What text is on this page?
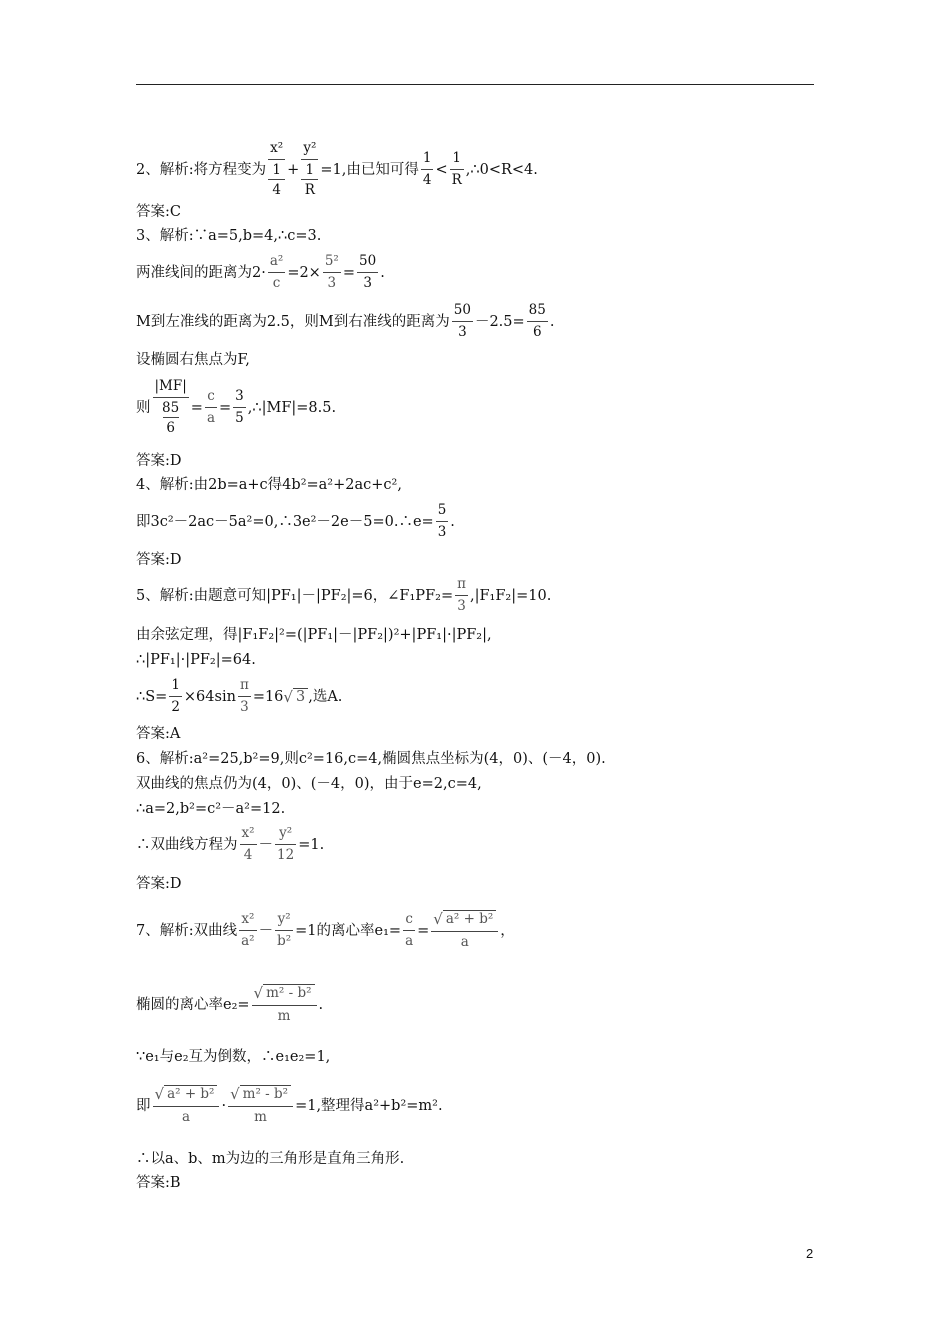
2、解析:将方程变为
x²
1
4
+
y²
1
R
=1,由已知可得 $\frac{1}{4} < \frac{1}{R}$ ,∴0<R<4.
答案:C
3、解析:∵a=5,b=4,∴c=3.
两准线间的距离为$2\cdot \frac{\text{a²}}{c} =2\times \frac{\text{5²}}{3} = \frac{50}{3}$ .
M到左准线的距离为2.5，则M到右准线的距离为 $\frac{50}{3} -2.5= \frac{85}{6}$ .
设椭圆右焦点为F,
则
|MF|
85
6
= $\frac{c}{a} = \frac{3}{5}$ ,∴|MF|=8.5.
答案:D
4、解析:由2b=a+c得4b²=a²+2ac+c²,
即3c²－2ac－5a²=0,∴3e²－2e－5=0.∴e= $\frac{5}{3}$ .
答案:D
5、解析:由题意可知|PF₁|－|PF₂|=6，∠F₁PF₂= $\frac{\pi}{3} ,|F_1F_2|=10$.
由余弦定理，得|F₁F₂|²=(|PF₁|－|PF₂|)²+|PF₁|·|PF₂|,
∴|PF₁|·|PF₂|=64.
∴S= $\frac{1}{2} \times 64\sin \frac{\pi}{3} =16$ √ 3 ,选A.
答案:A
6、解析:a²=25,b²=9,则c²=16,c=4,椭圆焦点坐标为(4，0)、(－4，0).
双曲线的焦点仍为(4，0)、(－4，0)，由于e=2,c=4,
∴a=2,b²=c²－a²=12.
∴双曲线方程为 $\frac{\text{x²}}{4} - \frac{\text{y²}}{12} =1$.
答案:D
7、解析:双曲线 $\frac{\text{x²}}{\text{a²}} - \frac{\text{y²}}{\text{b²}} =1$的离心率$e_1= \frac{c}{a} = \frac{\text{√ a² + b²}}{a}$ ，
椭圆的离心率$e_2= \frac{\text{√ m² - b²}}{m}$ .
∵e₁与e₂互为倒数，∴e₁e₂=1,
即 $\frac{\text{√ a² + b²}}{a} \cdot \frac{\text{√ m² - b²}}{m} =1$,整理得a²+b²=m².
∴以a、b、m为边的三角形是直角三角形.
答案:B
2
